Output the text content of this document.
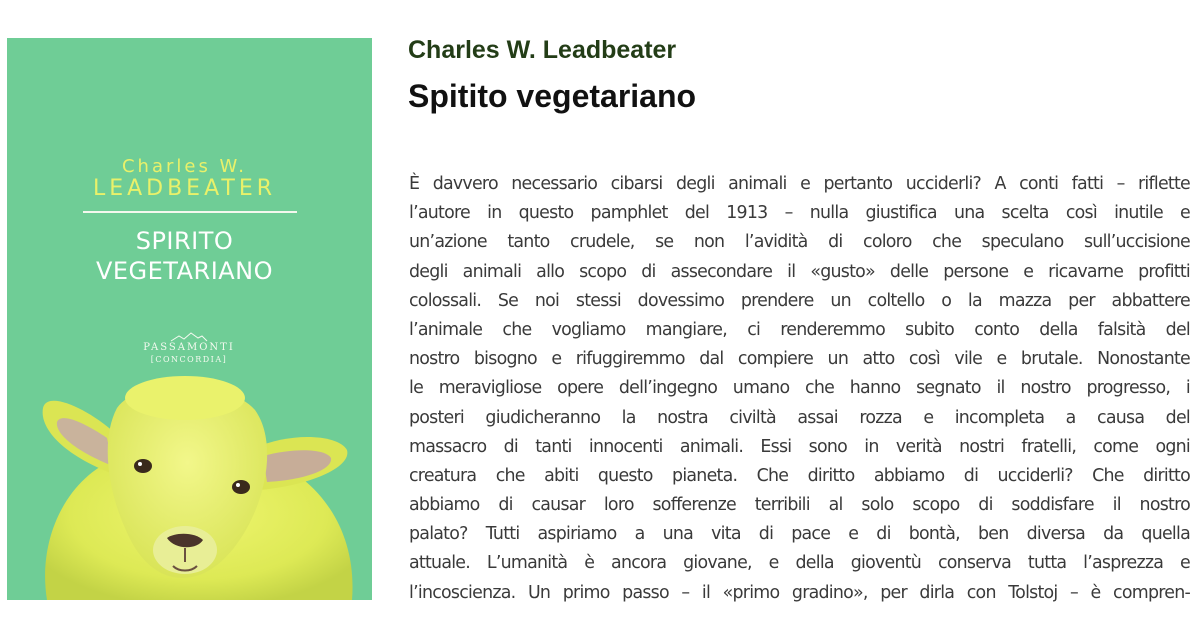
Charles W.
LEADBEATER
SPIRITO
VEGETARIANO
PASSAMONTI
[CONCORDIA]
Charles W. Leadbeater
Spitito vegetariano
È davvero necessario cibarsi degli animali e pertanto ucciderli? A conti fatti – riflette
l’autore in questo pamphlet del 1913 – nulla giustifica una scelta così inutile e
un’azione tanto crudele, se non l’avidità di coloro che speculano sull’uccisione
degli animali allo scopo di assecondare il «gusto» delle persone e ricavarne profitti
colossali. Se noi stessi dovessimo prendere un coltello o la mazza per abbattere
l’animale che vogliamo mangiare, ci renderemmo subito conto della falsità del
nostro bisogno e rifuggiremmo dal compiere un atto così vile e brutale. Nonostante
le meravigliose opere dell’ingegno umano che hanno segnato il nostro progresso, i
posteri giudicheranno la nostra civiltà assai rozza e incompleta a causa del
massacro di tanti innocenti animali. Essi sono in verità nostri fratelli, come ogni
creatura che abiti questo pianeta. Che diritto abbiamo di ucciderli? Che diritto
abbiamo di causar loro sofferenze terribili al solo scopo di soddisfare il nostro
palato? Tutti aspiriamo a una vita di pace e di bontà, ben diversa da quella
attuale. L’umanità è ancora giovane, e della gioventù conserva tutta l’asprezza e
l’incoscienza. Un primo passo – il «primo gradino», per dirla con Tolstoj – è compren-
